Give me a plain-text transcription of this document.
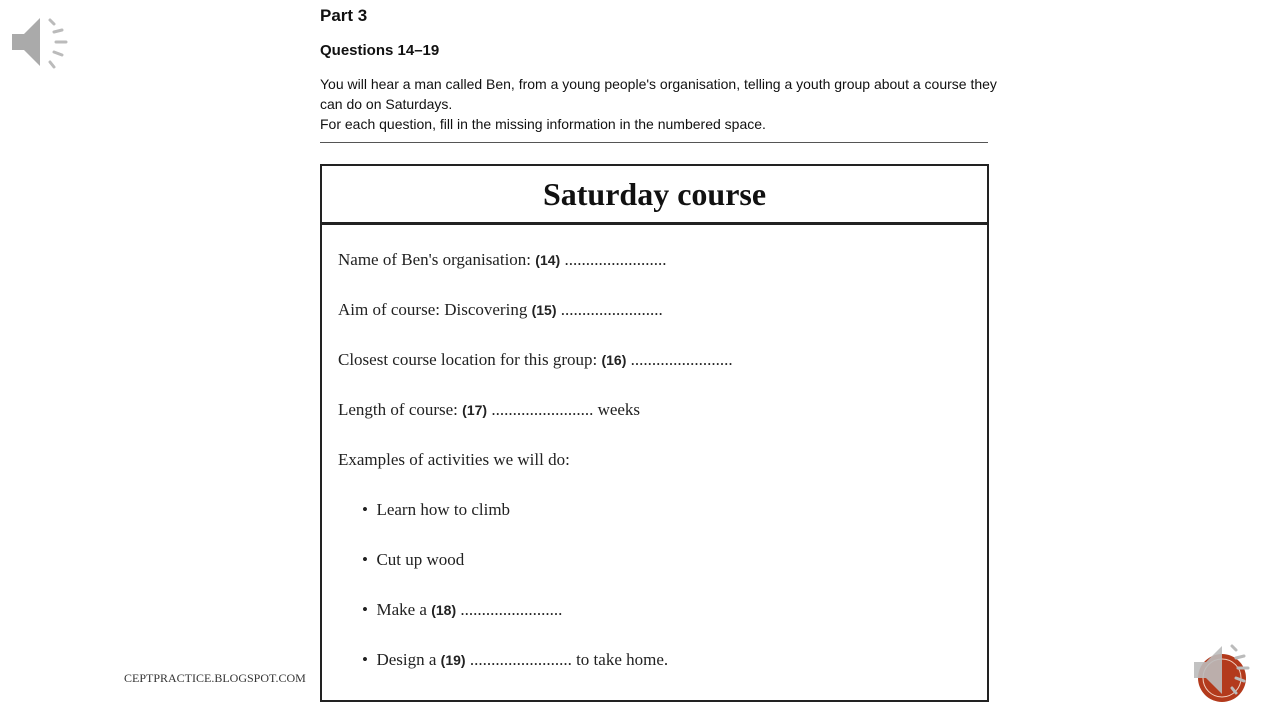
Part 3
Questions 14–19
You will hear a man called Ben, from a young people's organisation, telling a youth group about a course they can do on Saturdays.
For each question, fill in the missing information in the numbered space.
Saturday course
Name of Ben's organisation: (14) ........................
Aim of course: Discovering (15) ........................
Closest course location for this group: (16) ........................
Length of course: (17) ........................ weeks
Examples of activities we will do:
•  Learn how to climb
•  Cut up wood
•  Make a (18) ........................
•  Design a (19) ........................ to take home.
CEPTPRACTICE.BLOGSPOT.COM
